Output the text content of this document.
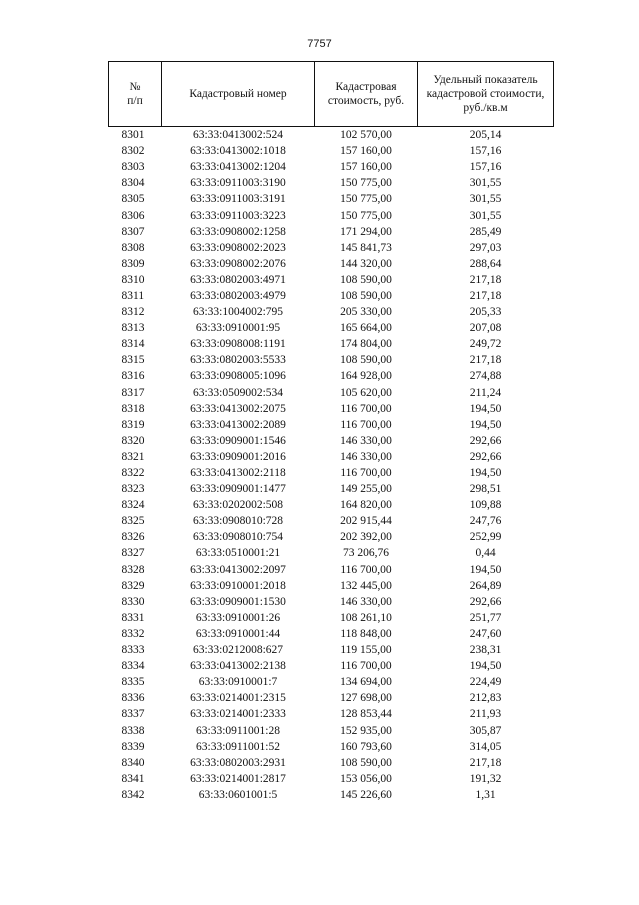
7757
№
п/п	Кадастровый номер	Кадастровая стоимость, руб.	Удельный показатель кадастровой стоимости, руб./кв.м
8301	63:33:0413002:524	102 570,00	205,14
8302	63:33:0413002:1018	157 160,00	157,16
8303	63:33:0413002:1204	157 160,00	157,16
8304	63:33:0911003:3190	150 775,00	301,55
8305	63:33:0911003:3191	150 775,00	301,55
8306	63:33:0911003:3223	150 775,00	301,55
8307	63:33:0908002:1258	171 294,00	285,49
8308	63:33:0908002:2023	145 841,73	297,03
8309	63:33:0908002:2076	144 320,00	288,64
8310	63:33:0802003:4971	108 590,00	217,18
8311	63:33:0802003:4979	108 590,00	217,18
8312	63:33:1004002:795	205 330,00	205,33
8313	63:33:0910001:95	165 664,00	207,08
8314	63:33:0908008:1191	174 804,00	249,72
8315	63:33:0802003:5533	108 590,00	217,18
8316	63:33:0908005:1096	164 928,00	274,88
8317	63:33:0509002:534	105 620,00	211,24
8318	63:33:0413002:2075	116 700,00	194,50
8319	63:33:0413002:2089	116 700,00	194,50
8320	63:33:0909001:1546	146 330,00	292,66
8321	63:33:0909001:2016	146 330,00	292,66
8322	63:33:0413002:2118	116 700,00	194,50
8323	63:33:0909001:1477	149 255,00	298,51
8324	63:33:0202002:508	164 820,00	109,88
8325	63:33:0908010:728	202 915,44	247,76
8326	63:33:0908010:754	202 392,00	252,99
8327	63:33:0510001:21	73 206,76	0,44
8328	63:33:0413002:2097	116 700,00	194,50
8329	63:33:0910001:2018	132 445,00	264,89
8330	63:33:0909001:1530	146 330,00	292,66
8331	63:33:0910001:26	108 261,10	251,77
8332	63:33:0910001:44	118 848,00	247,60
8333	63:33:0212008:627	119 155,00	238,31
8334	63:33:0413002:2138	116 700,00	194,50
8335	63:33:0910001:7	134 694,00	224,49
8336	63:33:0214001:2315	127 698,00	212,83
8337	63:33:0214001:2333	128 853,44	211,93
8338	63:33:0911001:28	152 935,00	305,87
8339	63:33:0911001:52	160 793,60	314,05
8340	63:33:0802003:2931	108 590,00	217,18
8341	63:33:0214001:2817	153 056,00	191,32
8342	63:33:0601001:5	145 226,60	1,31
